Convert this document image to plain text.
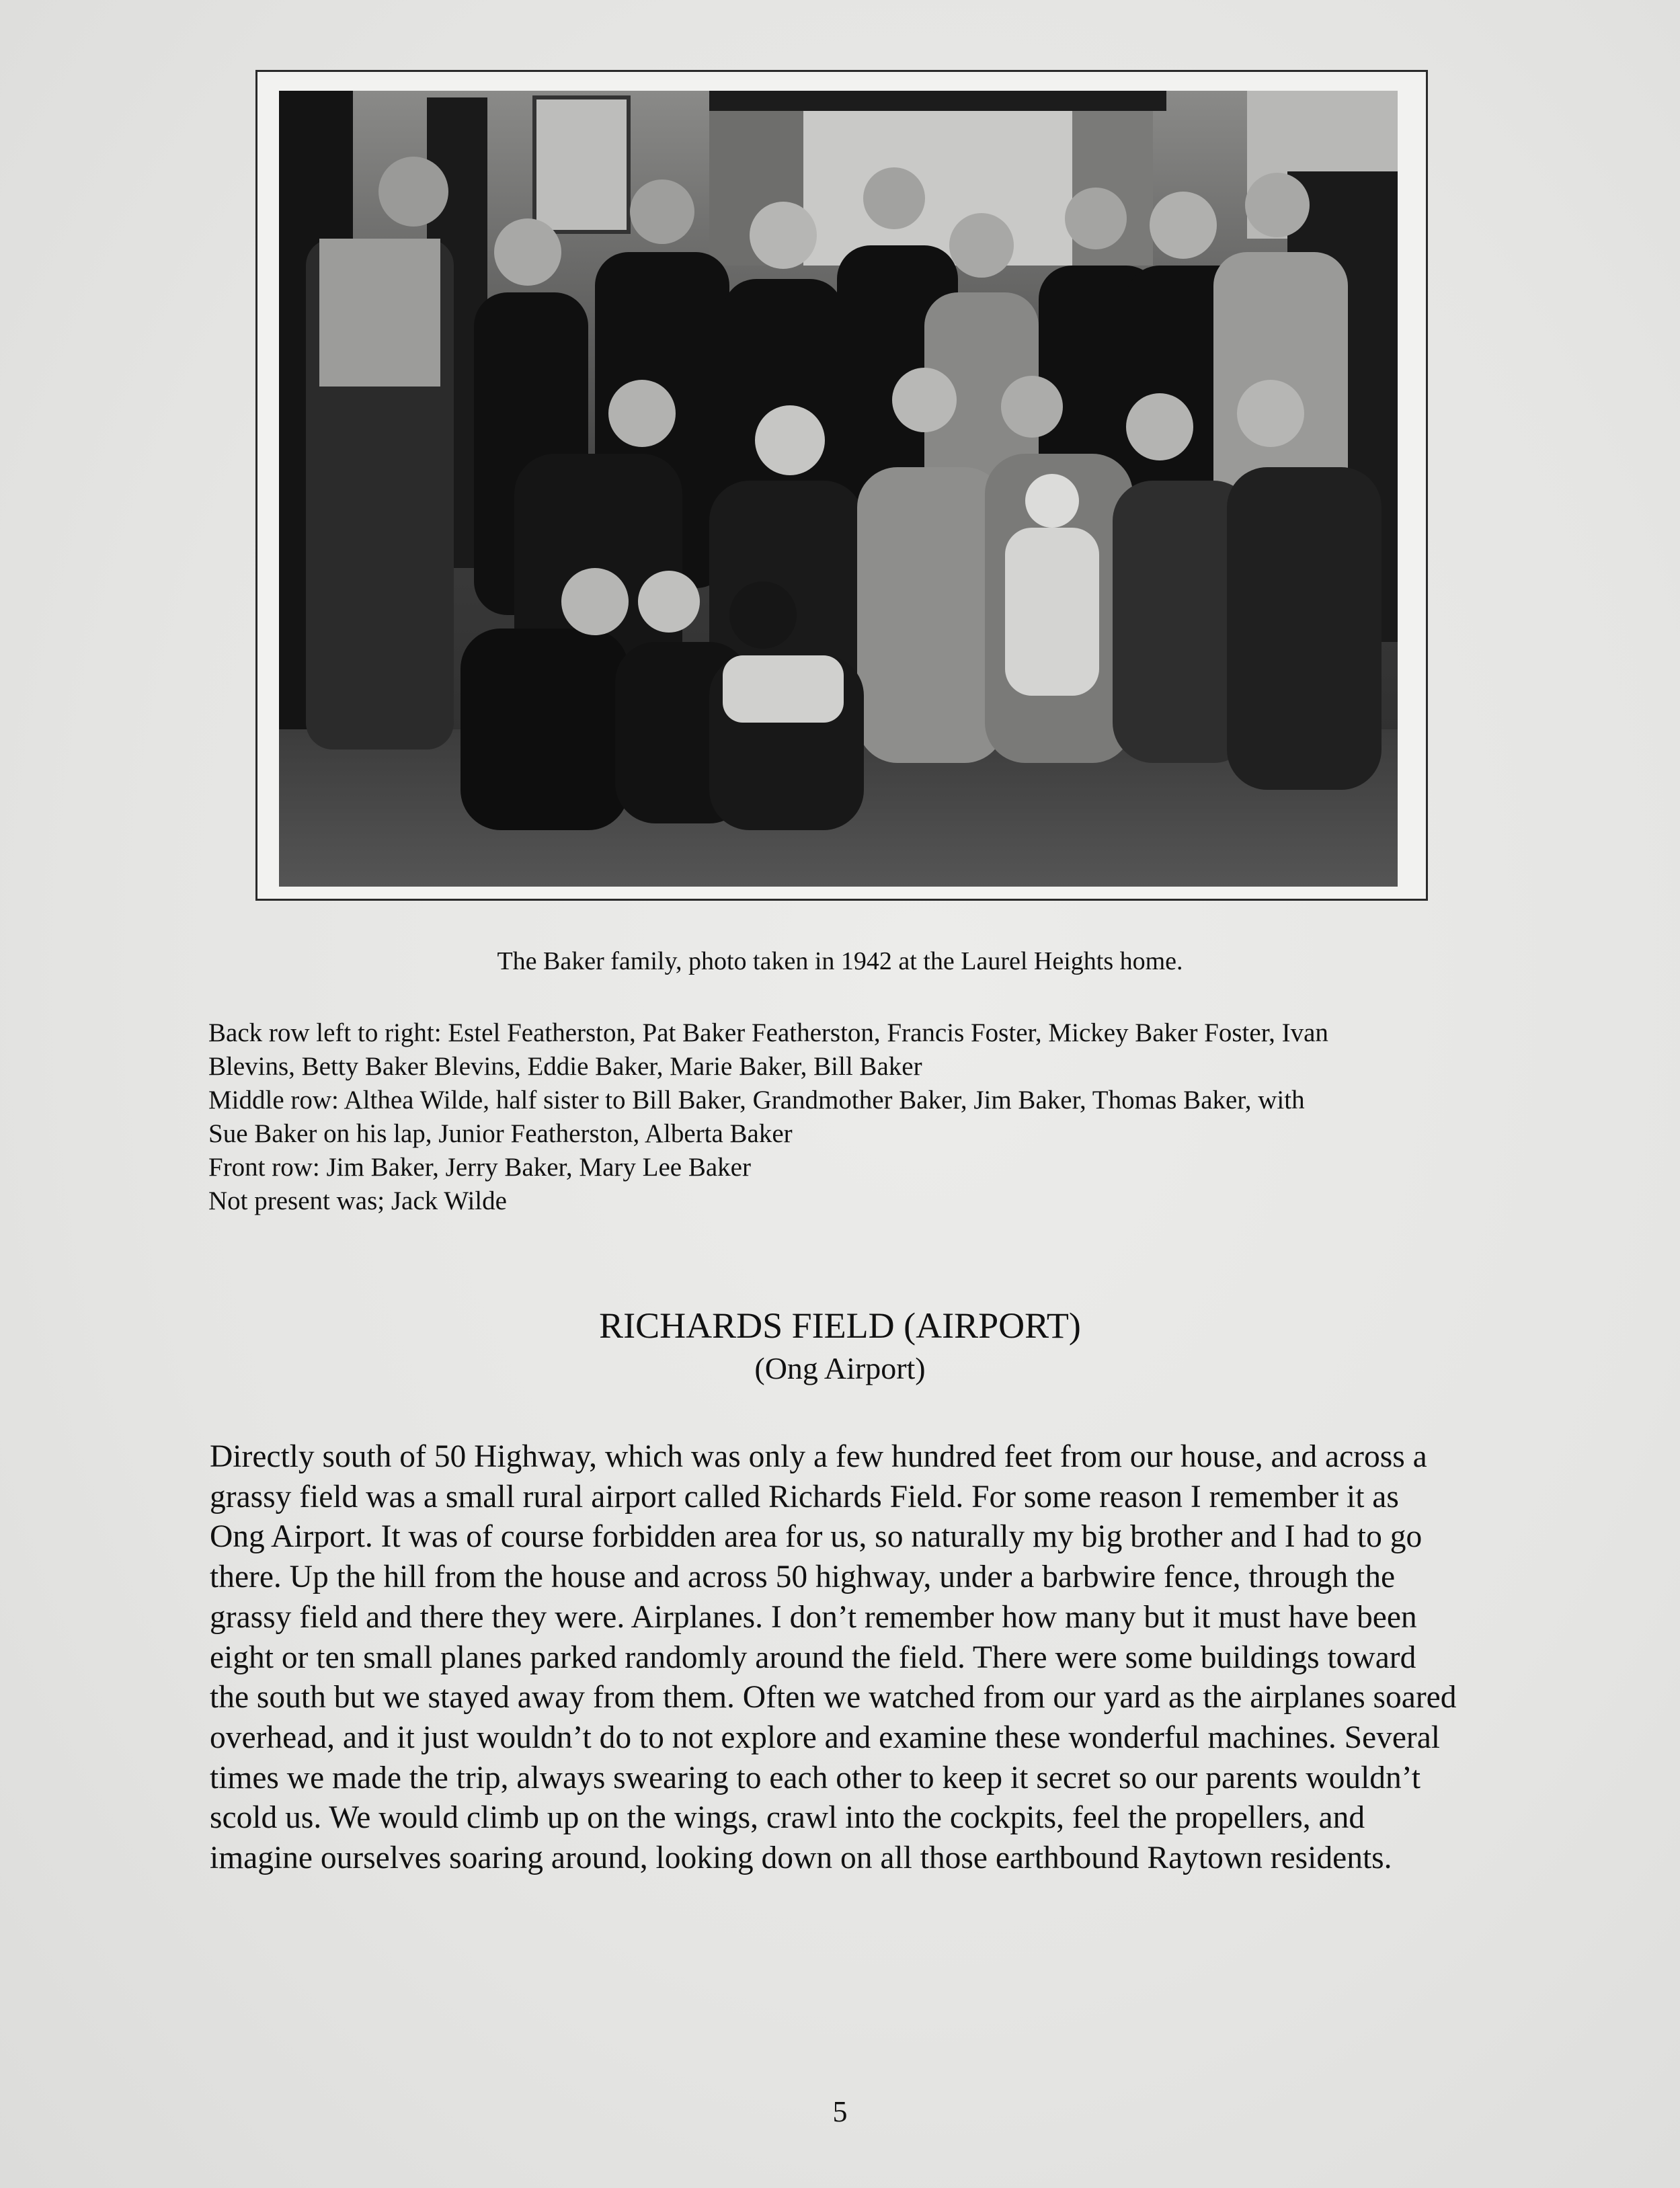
The Baker family, photo taken in 1942 at the Laurel Heights home.

Back row left to right: Estel Featherston, Pat Baker Featherston, Francis Foster, Mickey Baker Foster, Ivan

Blevins, Betty Baker Blevins, Eddie Baker, Marie Baker, Bill Baker

Middle row: Althea Wilde, half sister to Bill Baker, Grandmother Baker, Jim Baker, Thomas Baker, with

Sue Baker on his lap, Junior Featherston, Alberta Baker

Front row: Jim Baker, Jerry Baker, Mary Lee Baker

Not present was; Jack Wilde

RICHARDS FIELD (AIRPORT)
(Ong Airport)

Directly south of 50 Highway, which was only a few hundred feet from our house, and across a grassy field was a small rural airport called Richards Field. For some reason I remember it as Ong Airport. It was of course forbidden area for us, so naturally my big brother and I had to go there. Up the hill from the house and across 50 highway, under a barbwire fence, through the grassy field and there they were. Airplanes. I don’t remember how many but it must have been eight or ten small planes parked randomly around the field. There were some buildings toward the south but we stayed away from them. Often we watched from our yard as the airplanes soared overhead, and it just wouldn’t do to not explore and examine these wonderful machines. Several times we made the trip, always swearing to each other to keep it secret so our parents wouldn’t scold us. We would climb up on the wings, crawl into the cockpits, feel the propellers, and imagine ourselves soaring around, looking down on all those earthbound Raytown residents.

5
